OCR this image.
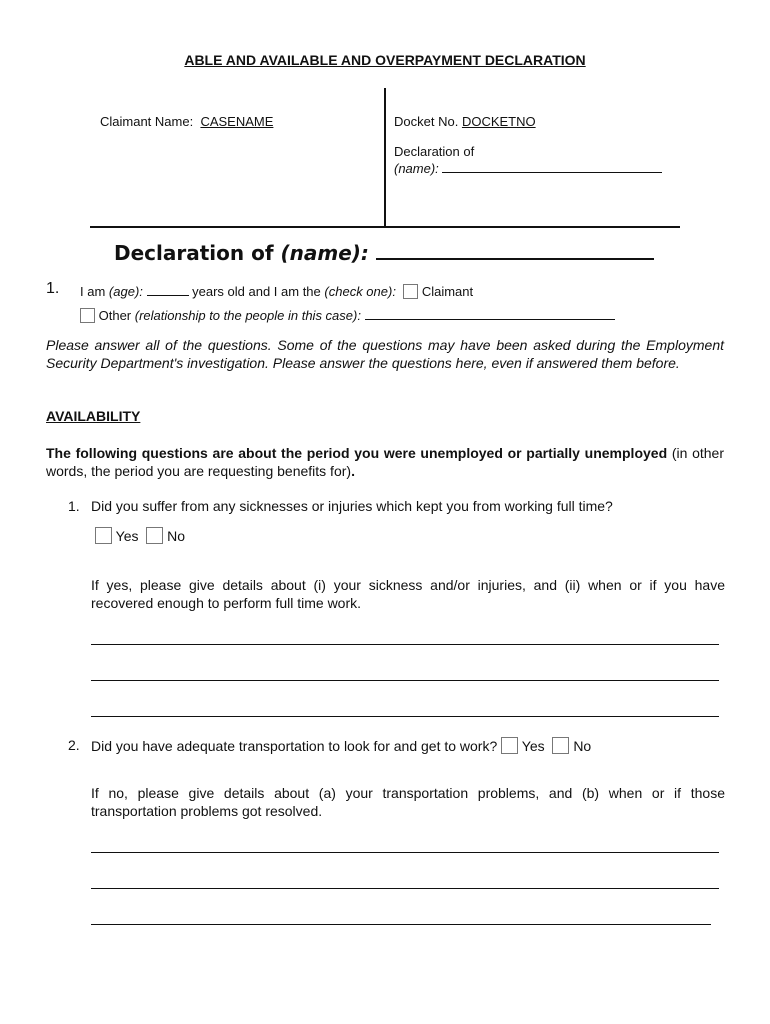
ABLE AND AVAILABLE AND OVERPAYMENT DECLARATION
Claimant Name: CASENAME	Docket No. DOCKETNO
Declaration of
(name):
Declaration of (name):
1. I am (age):	years old and I am the (check one): Claimant
Other (relationship to the people in this case):
Please answer all of the questions. Some of the questions may have been asked during the Employment Security Department's investigation. Please answer the questions here, even if answered them before.
AVAILABILITY
The following questions are about the period you were unemployed or partially unemployed (in other words, the period you are requesting benefits for).
1. Did you suffer from any sicknesses or injuries which kept you from working full time?
Yes No
If yes, please give details about (i) your sickness and/or injuries, and (ii) when or if you have recovered enough to perform full time work.
2. Did you have adequate transportation to look for and get to work? Yes No
If no, please give details about (a) your transportation problems, and (b) when or if those transportation problems got resolved.
